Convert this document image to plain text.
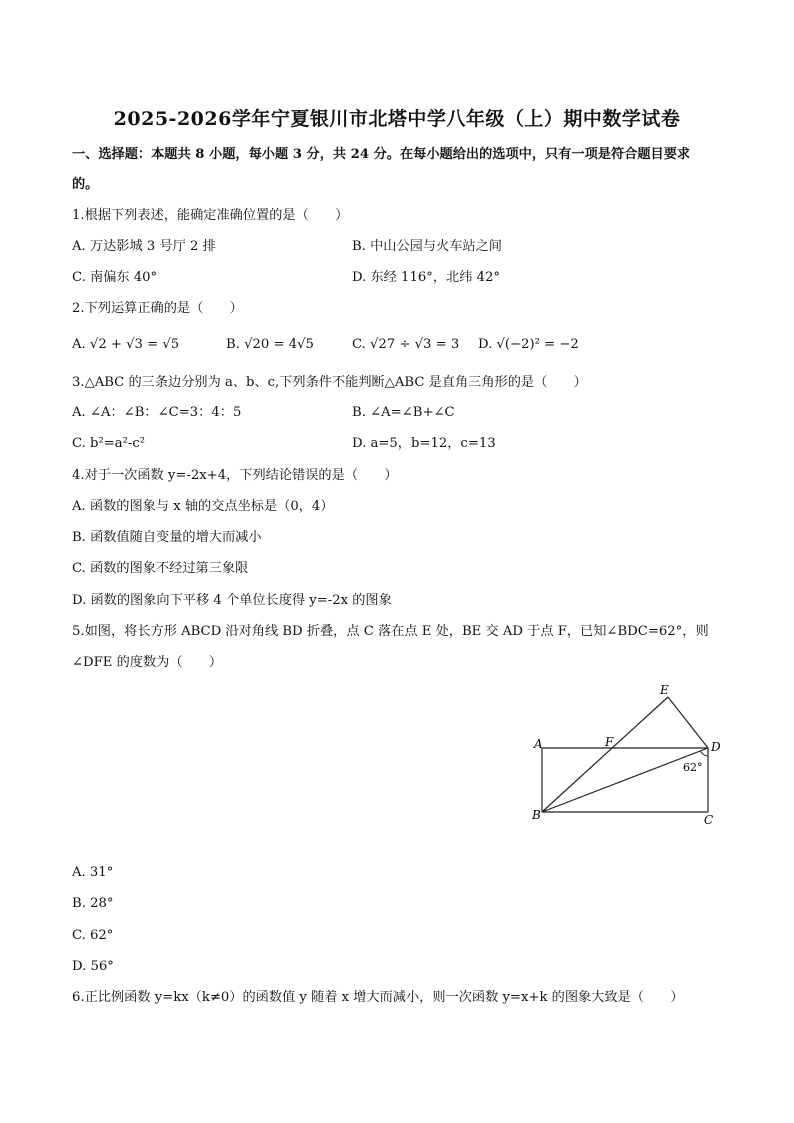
2025-2026学年宁夏银川市北塔中学八年级（上）期中数学试卷
一、选择题：本题共 8 小题，每小题 3 分，共 24 分。在每小题给出的选项中，只有一项是符合题目要求
的。
1.根据下列表述，能确定准确位置的是（　　）
A. 万达影城 3 号厅 2 排	B. 中山公园与火车站之间
C. 南偏东 40°	D. 东经 116°，北纬 42°
2.下列运算正确的是（　　）
A. √2 + √3 = √5	B. √20 = 4√5	C. √27 ÷ √3 = 3 D. √(−2)² = −2
3.△ABC 的三条边分别为 a、b、c,下列条件不能判断△ABC 是直角三角形的是（　　）
A. ∠A：∠B：∠C=3：4：5	B. ∠A=∠B+∠C
C. b²=a²-c²	D. a=5，b=12，c=13
4.对于一次函数 y=-2x+4，下列结论错误的是（　　）
A. 函数的图象与 x 轴的交点坐标是（0，4）
B. 函数值随自变量的增大而减小
C. 函数的图象不经过第三象限
D. 函数的图象向下平移 4 个单位长度得 y=-2x 的图象
5.如图，将长方形 ABCD 沿对角线 BD 折叠，点 C 落在点 E 处，BE 交 AD 于点 F，已知∠BDC=62°，则
∠DFE 的度数为（　　）
A
B	C
D
E
F
62°
A. 31°
B. 28°
C. 62°
D. 56°
6.正比例函数 y=kx（k≠0）的函数值 y 随着 x 增大而减小，则一次函数 y=x+k 的图象大致是（　　）
